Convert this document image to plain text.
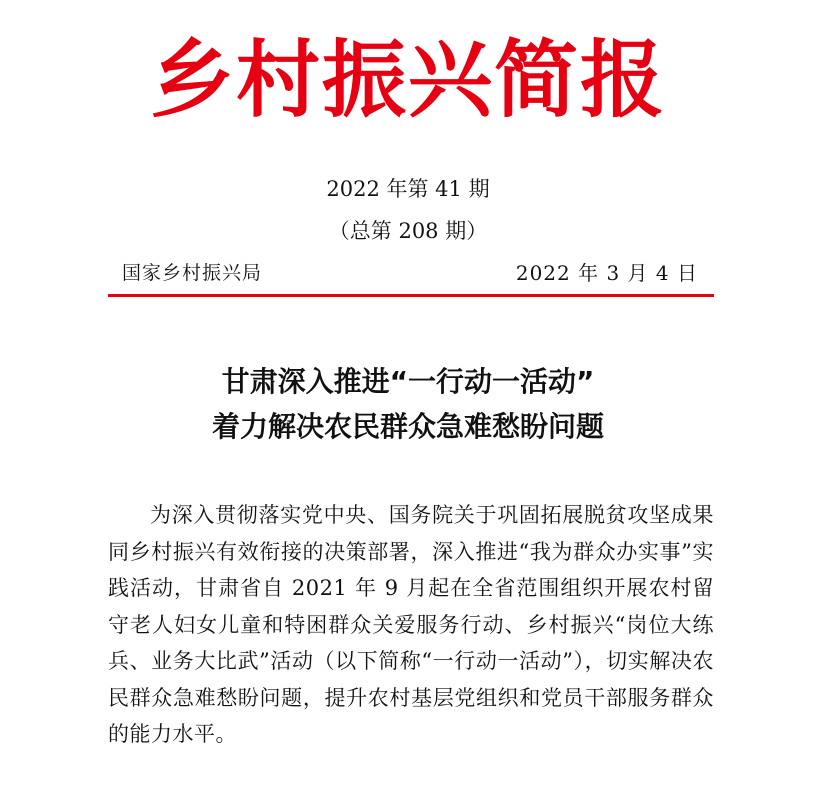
乡村振兴简报
2022 年第 41 期
（总第 208 期）
国家乡村振兴局	2022 年 3 月 4 日
甘肃深入推进“一行动一活动”
着力解决农民群众急难愁盼问题

为深入贯彻落实党中央、国务院关于巩固拓展脱贫攻坚成果同乡村振兴有效衔接的决策部署，深入推进“我为群众办实事”实践活动，甘肃省自 2021 年 9 月起在全省范围组织开展农村留守老人妇女儿童和特困群众关爱服务行动、乡村振兴“岗位大练兵、业务大比武”活动（以下简称“一行动一活动”），切实解决农民群众急难愁盼问题，提升农村基层党组织和党员干部服务群众的能力水平。
